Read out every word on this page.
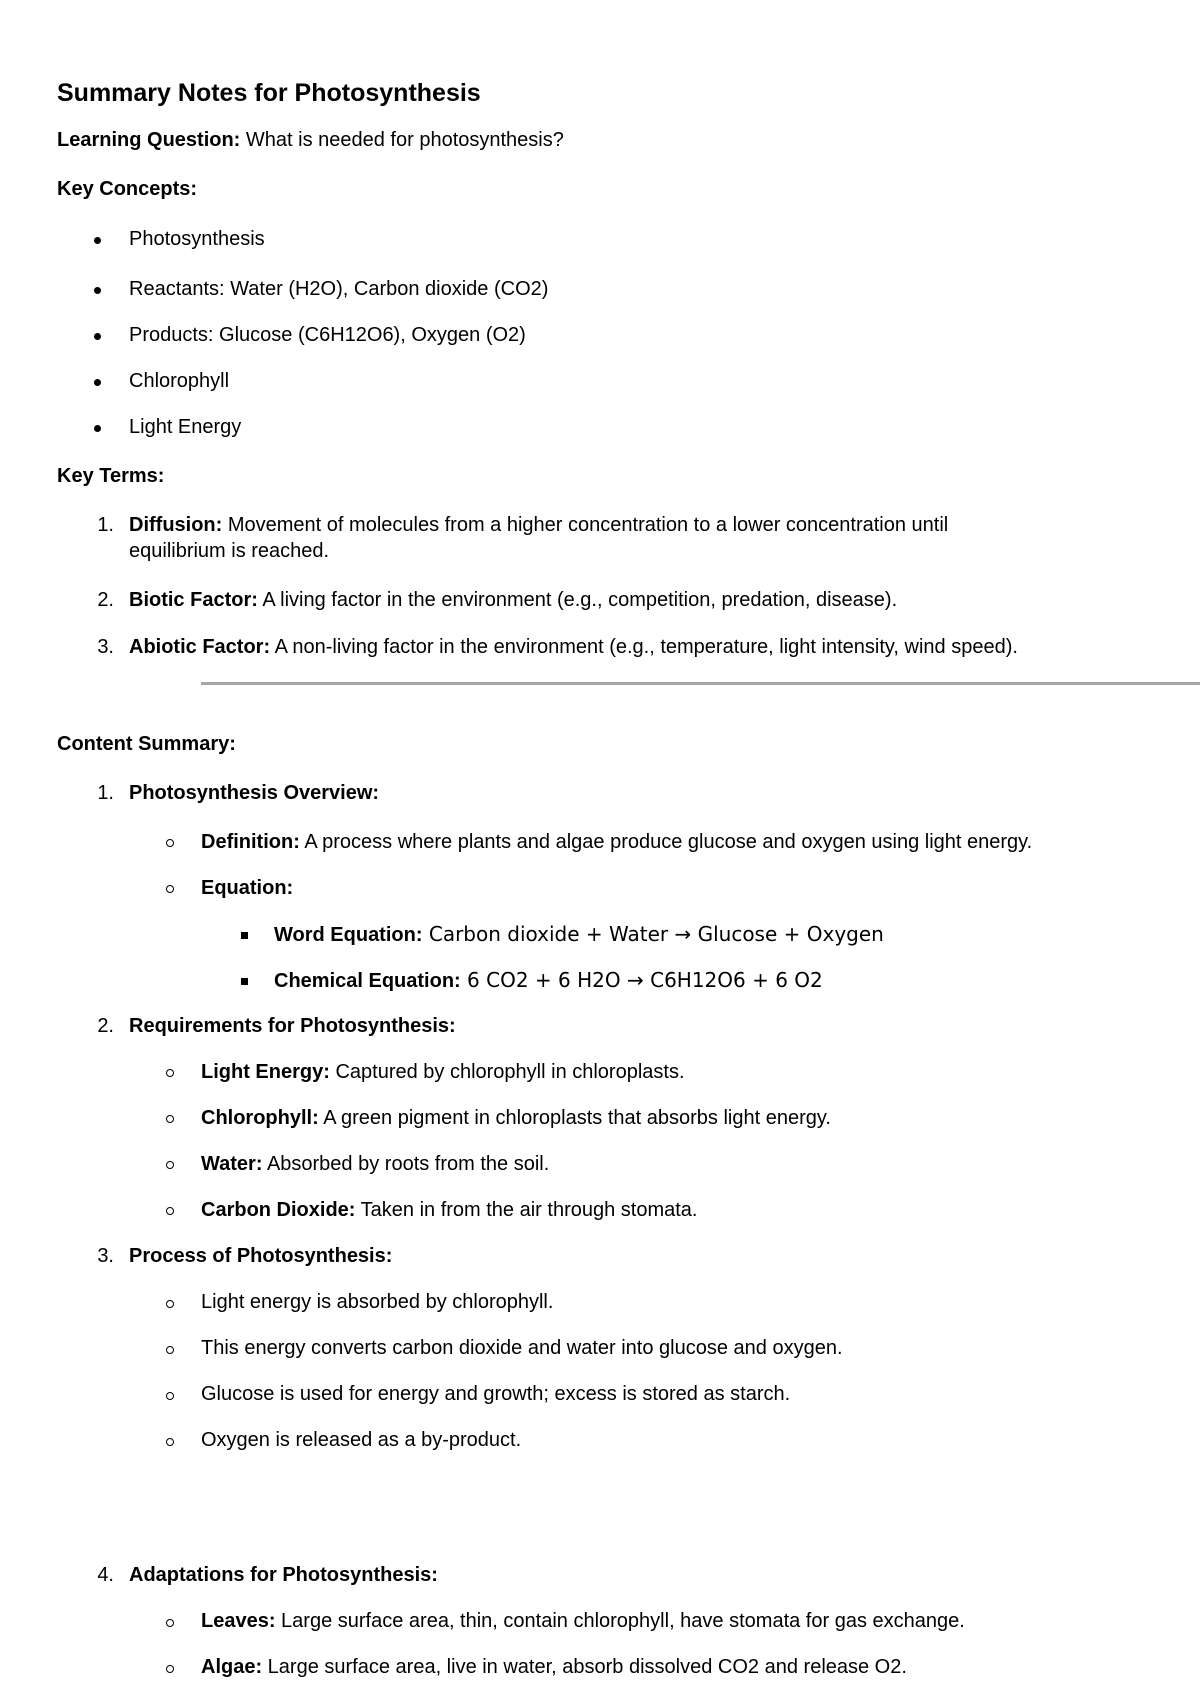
Summary Notes for Photosynthesis
Learning Question: What is needed for photosynthesis?
Key Concepts:
Photosynthesis
Reactants: Water (H2O), Carbon dioxide (CO2)
Products: Glucose (C6H12O6), Oxygen (O2)
Chlorophyll
Light Energy
Key Terms:
1. Diffusion: Movement of molecules from a higher concentration to a lower concentration until
equilibrium is reached.
2. Biotic Factor: A living factor in the environment (e.g., competition, predation, disease).
3. Abiotic Factor: A non-living factor in the environment (e.g., temperature, light intensity, wind speed).
Content Summary:
1. Photosynthesis Overview:
Definition: A process where plants and algae produce glucose and oxygen using light energy.
Equation:
Word Equation: Carbon dioxide + Water → Glucose + Oxygen
Chemical Equation: 6 CO2 + 6 H2O → C6H12O6 + 6 O2
2. Requirements for Photosynthesis:
Light Energy: Captured by chlorophyll in chloroplasts.
Chlorophyll: A green pigment in chloroplasts that absorbs light energy.
Water: Absorbed by roots from the soil.
Carbon Dioxide: Taken in from the air through stomata.
3. Process of Photosynthesis:
Light energy is absorbed by chlorophyll.
This energy converts carbon dioxide and water into glucose and oxygen.
Glucose is used for energy and growth; excess is stored as starch.
Oxygen is released as a by-product.
4. Adaptations for Photosynthesis:
Leaves: Large surface area, thin, contain chlorophyll, have stomata for gas exchange.
Algae: Large surface area, live in water, absorb dissolved CO2 and release O2.
